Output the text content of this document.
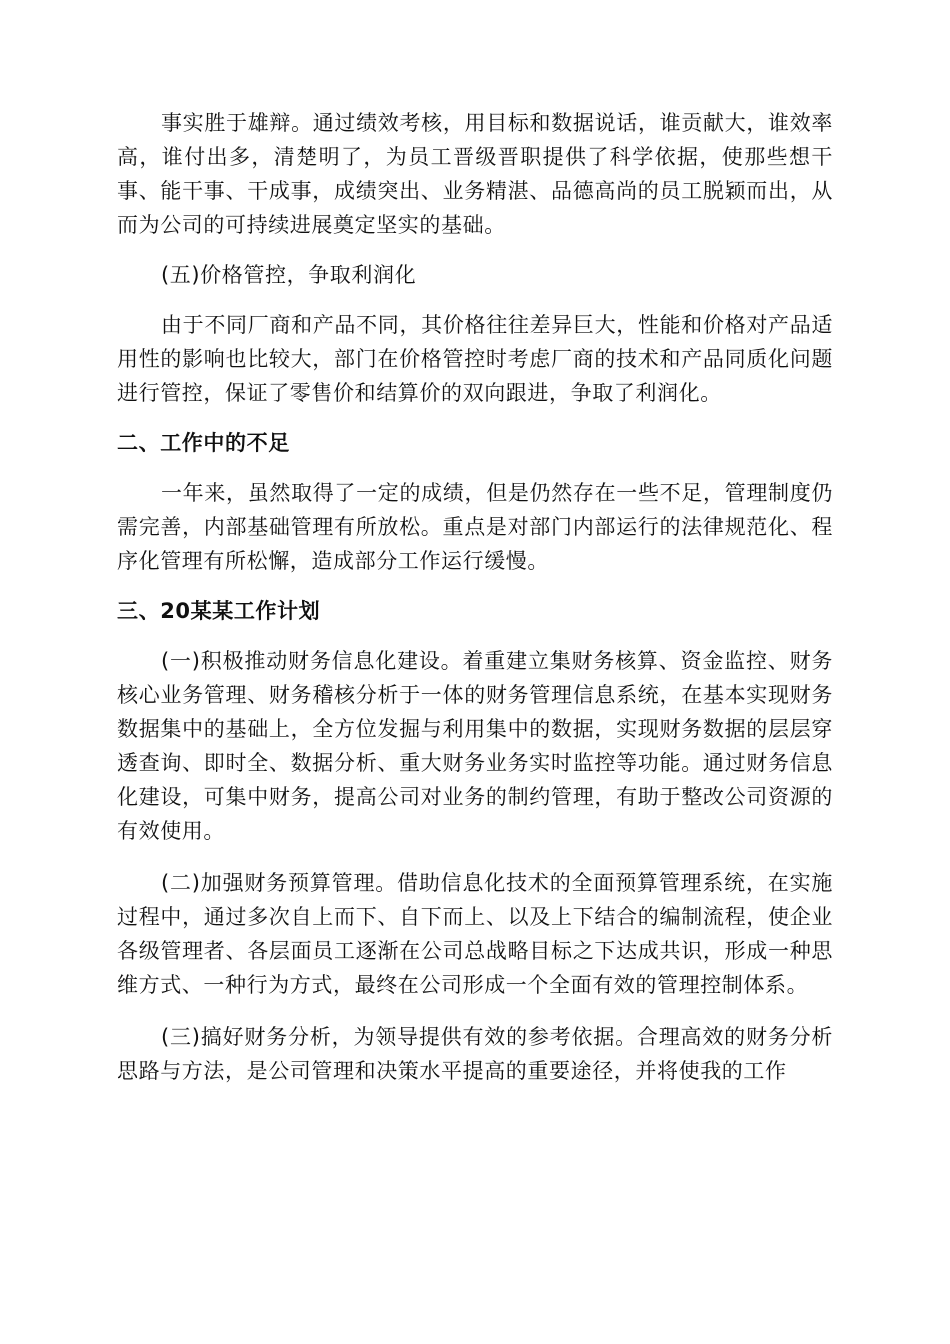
事实胜于雄辩。通过绩效考核，用目标和数据说话，谁贡献大，谁效率高，谁付出多，清楚明了，为员工晋级晋职提供了科学依据，使那些想干事、能干事、干成事，成绩突出、业务精湛、品德高尚的员工脱颖而出，从而为公司的可持续进展奠定坚实的基础。

(五)价格管控，争取利润化

由于不同厂商和产品不同，其价格往往差异巨大，性能和价格对产品适用性的影响也比较大，部门在价格管控时考虑厂商的技术和产品同质化问题进行管控，保证了零售价和结算价的双向跟进，争取了利润化。

二、工作中的不足

一年来，虽然取得了一定的成绩，但是仍然存在一些不足，管理制度仍需完善，内部基础管理有所放松。重点是对部门内部运行的法律规范化、程序化管理有所松懈，造成部分工作运行缓慢。

三、20某某工作计划

(一)积极推动财务信息化建设。着重建立集财务核算、资金监控、财务核心业务管理、财务稽核分析于一体的财务管理信息系统，在基本实现财务数据集中的基础上，全方位发掘与利用集中的数据，实现财务数据的层层穿透查询、即时全、数据分析、重大财务业务实时监控等功能。通过财务信息化建设，可集中财务，提高公司对业务的制约管理，有助于整改公司资源的有效使用。

(二)加强财务预算管理。借助信息化技术的全面预算管理系统，在实施过程中，通过多次自上而下、自下而上、以及上下结合的编制流程，使企业各级管理者、各层面员工逐渐在公司总战略目标之下达成共识，形成一种思维方式、一种行为方式，最终在公司形成一个全面有效的管理控制体系。

(三)搞好财务分析，为领导提供有效的参考依据。合理高效的财务分析思路与方法，是公司管理和决策水平提高的重要途径，并将使我的工作
